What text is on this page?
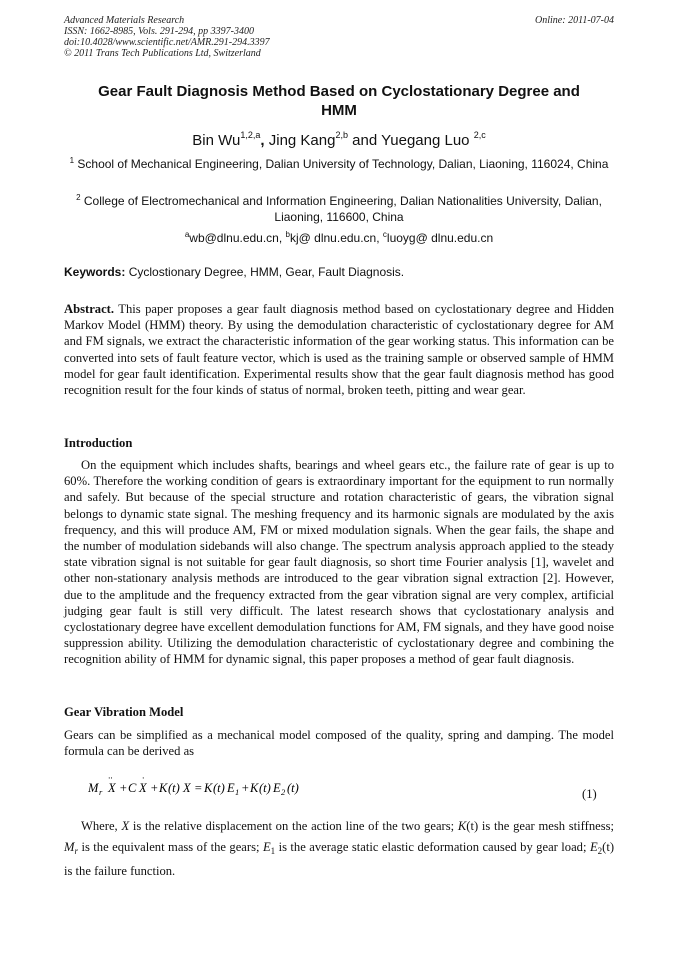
Advanced Materials Research
ISSN: 1662-8985, Vols. 291-294, pp 3397-3400
doi:10.4028/www.scientific.net/AMR.291-294.3397
© 2011 Trans Tech Publications Ltd, Switzerland
Online: 2011-07-04
Gear Fault Diagnosis Method Based on Cyclostationary Degree and
HMM
Bin Wu$^{1,2,a}$, Jing Kang$^{2,b}$ and Yuegang Luo $^{2,c}$
$^1$ School of Mechanical Engineering, Dalian University of Technology, Dalian, Liaoning, 116024, China
$^2$ College of Electromechanical and Information Engineering, Dalian Nationalities University, Dalian, Liaoning, 116600, China
$^a$wb@dlnu.edu.cn, $^b$kj@ dlnu.edu.cn, $^c$luoyg@ dlnu.edu.cn
Keywords: Cyclostionary Degree, HMM, Gear, Fault Diagnosis.
Abstract. This paper proposes a gear fault diagnosis method based on cyclostationary degree and Hidden Markov Model (HMM) theory. By using the demodulation characteristic of cyclostationary degree for AM and FM signals, we extract the characteristic information of the gear working status. This information can be converted into sets of fault feature vector, which is used as the training sample or observed sample of HMM model for gear fault identification. Experimental results show that the gear fault diagnosis method has good recognition result for the four kinds of status of normal, broken teeth, pitting and wear gear.
Introduction
On the equipment which includes shafts, bearings and wheel gears etc., the failure rate of gear is up to 60%. Therefore the working condition of gears is extraordinary important for the equipment to run normally and safely. But because of the special structure and rotation characteristic of gears, the vibration signal belongs to dynamic state signal. The meshing frequency and its harmonic signals are modulated by the axis frequency, and this will produce AM, FM or mixed modulation signals. When the gear fails, the shape and the number of modulation sidebands will also change. The spectrum analysis approach applied to the steady state vibration signal is not suitable for gear fault diagnosis, so short time Fourier analysis [1], wavelet and other non-stationary analysis methods are introduced to the gear vibration signal extraction [2]. However, due to the amplitude and the frequency extracted from the gear vibration signal are very complex, artificial judging gear fault is still very difficult. The latest research shows that cyclostationary analysis and cyclostationary degree have excellent demodulation functions for AM, FM signals, and they have good noise suppression ability. Utilizing the demodulation characteristic of cyclostationary degree and combining the recognition ability of HMM for dynamic signal, this paper proposes a method of gear fault diagnosis.
Gear Vibration Model
Gears can be simplified as a mechanical model composed of the quality, spring and damping. The model formula can be derived as
M r
··
X + C
·
X + K (t) X = K (t) E 1 + K (t) E 2 (t)	(1)
Where, X is the relative displacement on the action line of the two gears; K(t) is the gear mesh stiffness; $M_r$ is the equivalent mass of the gears; $E_1$ is the average static elastic deformation caused by gear load; $E_2(t)$ is the failure function.
